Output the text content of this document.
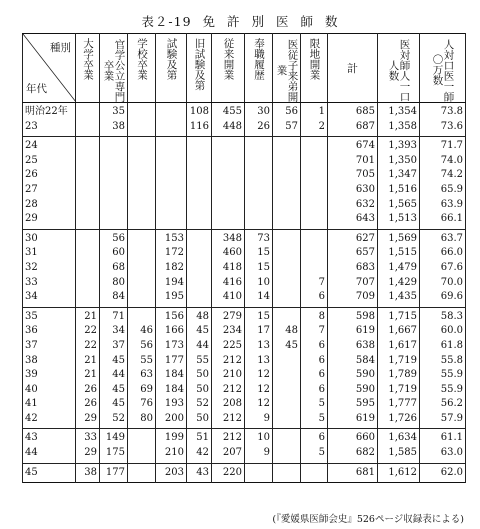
表２-19 免 許 別 医 師 数
種別
年代	大学卒業	官学公立専門卒業	学校卒業	試験及第	旧試験及第	従来開業	奉職履歴	医従子来弟開業	限地開業	計	医対師人一口人数	人対口医一師〇万数

明治22年		35			108	455	30	56	1	685	1,354	73.8
23		38			116	448	26	57	2	687	1,358	73.6
24										674	1,393	71.7
25										701	1,350	74.0
26										705	1,347	74.2
27										630	1,516	65.9
28										632	1,565	63.9
29										643	1,513	66.1
30		56		153		348	73			627	1,569	63.7
31		60		172		460	15			657	1,515	66.0
32		68		182		418	15			683	1,479	67.6
33		80		194		416	10		7	707	1,429	70.0
34		84		195		410	14		6	709	1,435	69.6
35	21	71		156	48	279	15		8	598	1,715	58.3
36	22	34	46	166	45	234	17	48	7	619	1,667	60.0
37	22	37	56	173	44	225	13	45	6	638	1,617	61.8
38	21	45	55	177	55	212	13		6	584	1,719	55.8
39	21	44	63	184	50	210	12		6	590	1,789	55.9
40	26	45	69	184	50	212	12		6	590	1,719	55.9
41	26	45	76	193	52	208	12		5	595	1,777	56.2
42	29	52	80	200	50	212	9		5	619	1,726	57.9
43	33	149		199	51	212	10		6	660	1,634	61.1
44	29	175		210	42	207	9		5	682	1,585	63.0
45	38	177		203	43	220				681	1,612	62.0
(『愛媛県医師会史』526ページ収録表による)
